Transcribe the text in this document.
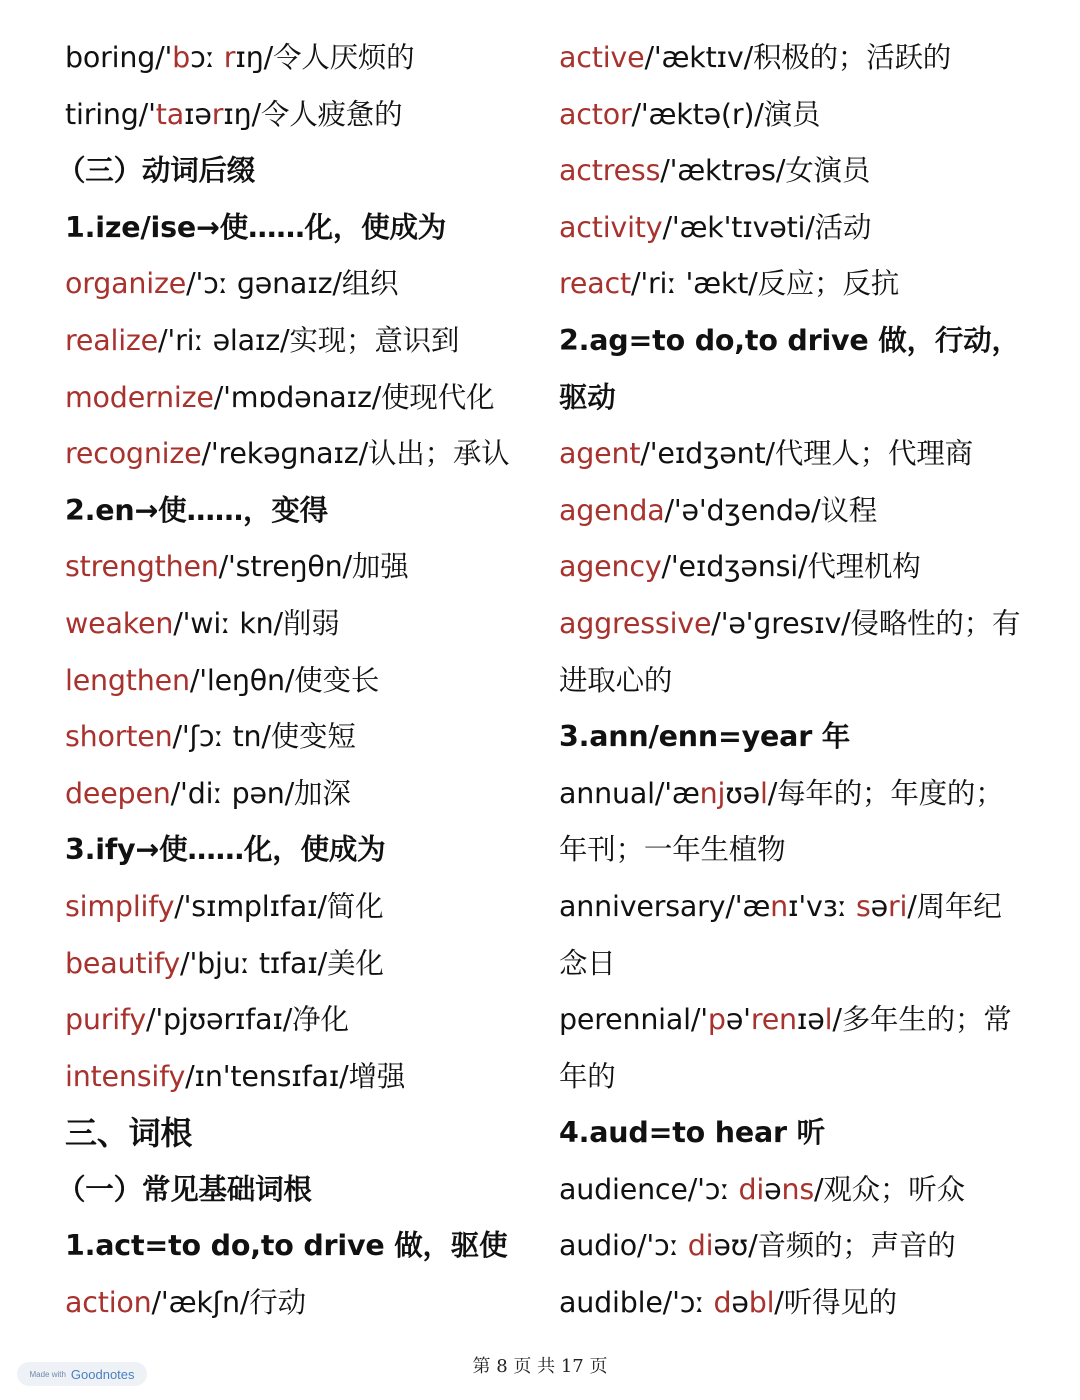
boring/'bɔː rɪŋ/令人厌烦的
tiring/'taɪərɪŋ/令人疲惫的
（三）动词后缀
1.ize/ise→使……化，使成为
organize/'ɔː ɡənaɪz/组织
realize/'riː əlaɪz/实现；意识到
modernize/'mɒdənaɪz/使现代化
recognize/'rekəɡnaɪz/认出；承认
2.en→使……，变得
strengthen/'streŋθn/加强
weaken/'wiː kn/削弱
lengthen/'leŋθn/使变长
shorten/'ʃɔː tn/使变短
deepen/'diː pən/加深
3.ify→使……化，使成为
simplify/'sɪmplɪfaɪ/简化
beautify/'bjuː tɪfaɪ/美化
purify/'pjʊərɪfaɪ/净化
intensify/ɪn'tensɪfaɪ/增强
三、词根
（一）常见基础词根
1.act=to do,to drive 做，驱使
action/'ækʃn/行动
active/'æktɪv/积极的；活跃的
actor/'æktə(r)/演员
actress/'æktrəs/女演员
activity/'æk'tɪvəti/活动
react/'riː 'ækt/反应；反抗
2.ag=to do,to drive 做，行动，驱动
agent/'eɪdʒənt/代理人；代理商
agenda/'ə'dʒendə/议程
agency/'eɪdʒənsi/代理机构
aggressive/'ə'ɡresɪv/侵略性的；有进取心的
3.ann/enn=year 年
annual/'ænjʊəl/每年的；年度的；年刊；一年生植物
anniversary/'ænɪ'vɜː səri/周年纪念日
perennial/'pə'renɪəl/多年生的；常年的
4.aud=to hear 听
audience/'ɔː diəns/观众；听众
audio/'ɔː diəʊ/音频的；声音的
audible/'ɔː dəbl/听得见的
第 8 页 共 17 页
Made with Goodnotes
